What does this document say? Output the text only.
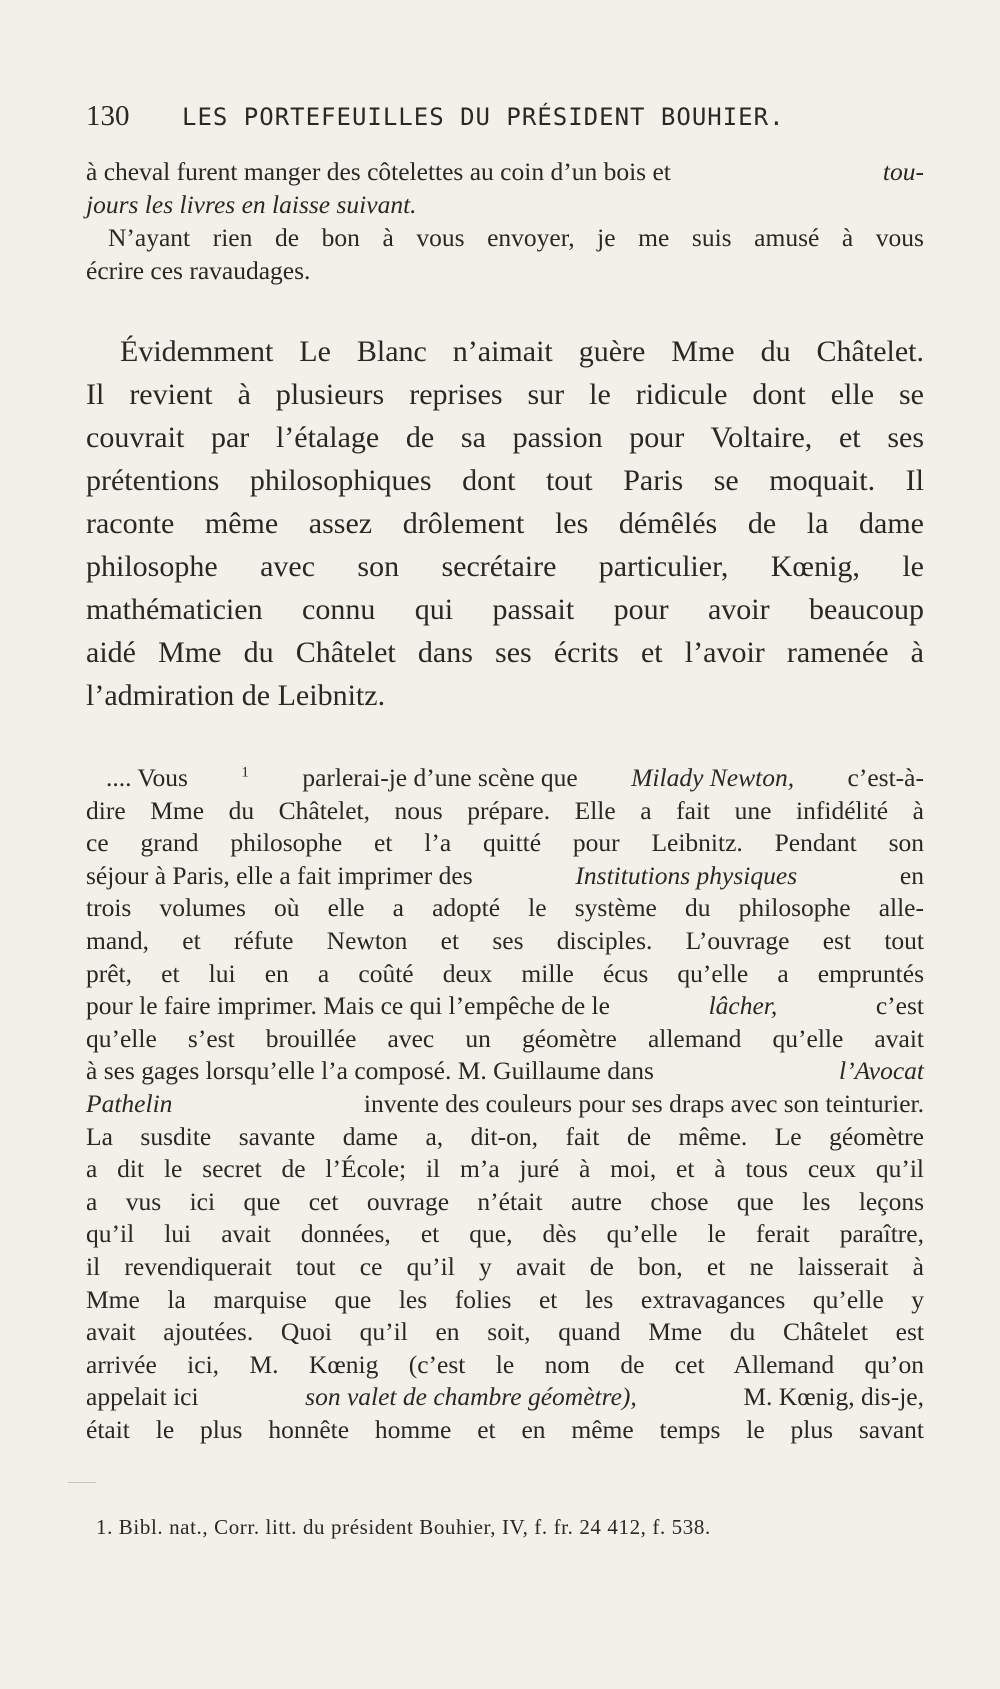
130	LES PORTEFEUILLES DU PRÉSIDENT BOUHIER.
à cheval furent manger des côtelettes au coin d’un bois et	tou-
jours les livres en laisse suivant.
N’ayant rien de bon à vous envoyer, je me suis amusé à vous
écrire ces ravaudages.
Évidemment Le Blanc n’aimait guère Mme du Châtelet.
Il revient à plusieurs reprises sur le ridicule dont elle se
couvrait par l’étalage de sa passion pour Voltaire, et ses
prétentions philosophiques dont tout Paris se moquait. Il
raconte même assez drôlement les démêlés de la dame
philosophe avec son secrétaire particulier, Kœnig, le
mathématicien connu qui passait pour avoir beaucoup
aidé Mme du Châtelet dans ses écrits et l’avoir ramenée à
l’admiration de Leibnitz.
.... Vous	$^1$ parlerai-je d’une scène que Milady Newton, c’est-à-
dire Mme du Châtelet, nous prépare. Elle a fait une infidélité à
ce grand philosophe et l’a quitté pour Leibnitz. Pendant son
séjour à Paris, elle a fait imprimer des	Institutions physiques	en
trois volumes où elle a adopté le système du philosophe alle-
mand, et réfute Newton et ses disciples. L’ouvrage est tout
prêt, et lui en a coûté deux mille écus qu’elle a empruntés
pour le faire imprimer. Mais ce qui l’empêche de le	lâcher,	c’est
qu’elle s’est brouillée avec un géomètre allemand qu’elle avait
à ses gages lorsqu’elle l’a composé. M. Guillaume dans	l’Avocat
Pathelin	invente des couleurs pour ses draps avec son teinturier.
La susdite savante dame a, dit-on, fait de même. Le géomètre
a dit le secret de l’École; il m’a juré à moi, et à tous ceux qu’il
a vus ici que cet ouvrage n’était autre chose que les leçons
qu’il lui avait données, et que, dès qu’elle le ferait paraître,
il revendiquerait tout ce qu’il y avait de bon, et ne laisserait à
Mme la marquise que les folies et les extravagances qu’elle y
avait ajoutées. Quoi qu’il en soit, quand Mme du Châtelet est
arrivée ici, M. Kœnig (c’est le nom de cet Allemand qu’on
appelait ici	son valet de chambre géomètre),	M. Kœnig, dis-je,
était le plus honnête homme et en même temps le plus savant
1. Bibl. nat., Corr. litt. du président Bouhier, IV, f. fr. 24 412, f. 538.
